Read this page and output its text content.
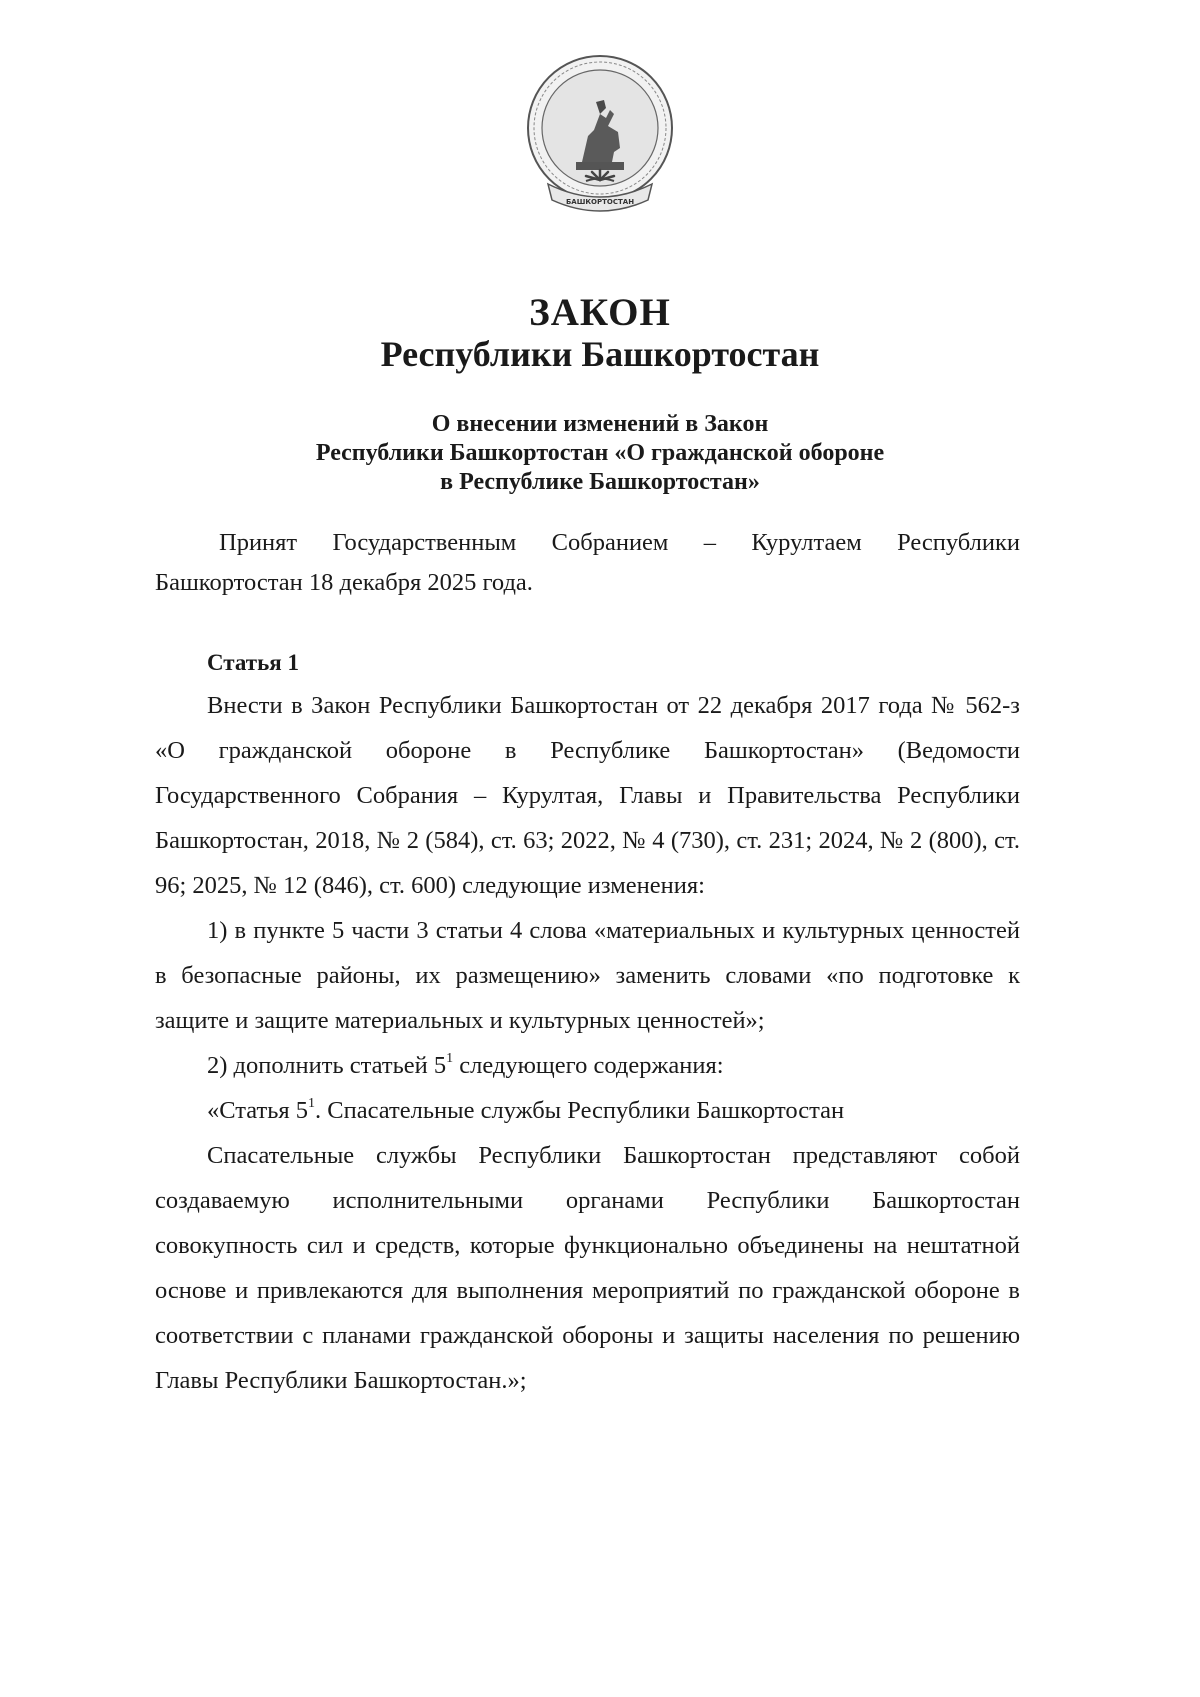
БАШКОРТОСТАН
ЗАКОН
Республики Башкортостан
О внесении изменений в Закон
Республики Башкортостан «О гражданской обороне
в Республике Башкортостан»
Принят Государственным Собранием – Курултаем Республики Башкортостан 18 декабря 2025 года.
Статья 1

Внести в Закон Республики Башкортостан от 22 декабря 2017 года № 562-з «О гражданской обороне в Республике Башкортостан» (Ведомости Государственного Собрания – Курултая, Главы и Правительства Республики Башкортостан, 2018, № 2 (584), ст. 63; 2022, № 4 (730), ст. 231; 2024, № 2 (800), ст. 96; 2025, № 12 (846), ст. 600) следующие изменения:

1) в пункте 5 части 3 статьи 4 слова «материальных и культурных ценностей в безопасные районы, их размещению» заменить словами «по подготовке к защите и защите материальных и культурных ценностей»;

2) дополнить статьей $5^1$ следующего содержания:

«Статья $5^1$. Спасательные службы Республики Башкортостан

Спасательные службы Республики Башкортостан представляют собой создаваемую исполнительными органами Республики Башкортостан совокупность сил и средств, которые функционально объединены на нештатной основе и привлекаются для выполнения мероприятий по гражданской обороне в соответствии с планами гражданской обороны и защиты населения по решению Главы Республики Башкортостан.»;
